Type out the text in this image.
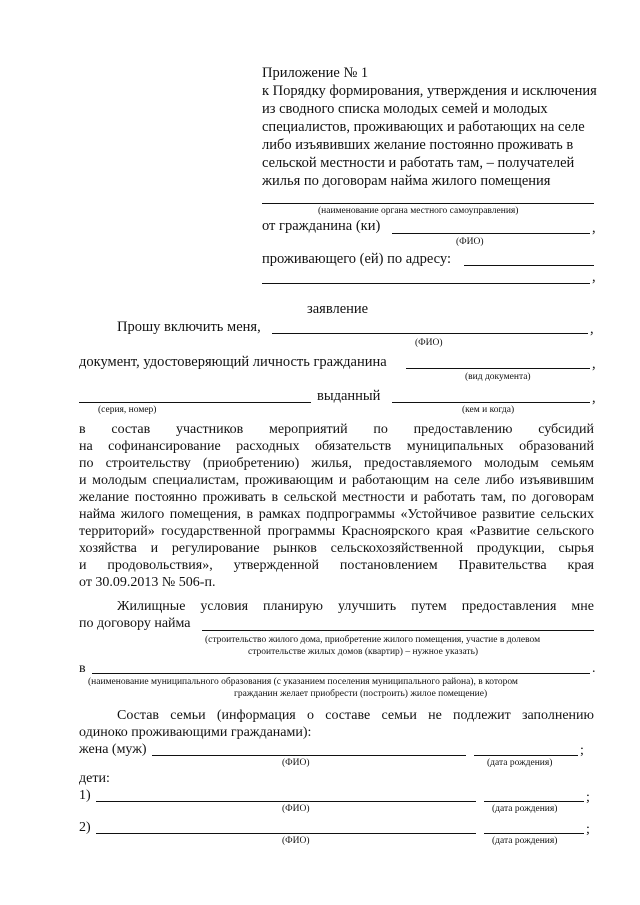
Приложение № 1
к Порядку формирования, утверждения и исключения
из сводного списка молодых семей и молодых
специалистов, проживающих и работающих на селе
либо изъявивших желание постоянно проживать в
сельской местности и работать там, – получателей
жилья по договорам найма жилого помещения
(наименование органа местного самоуправления)
от гражданина (ки)	,
(ФИО)
проживающего (ей) по адресу:
,
заявление
Прошу включить меня,	,
(ФИО)
документ, удостоверяющий личность гражданина	,
(вид документа)
выданный	,
(серия, номер)	(кем и когда)
в состав участников мероприятий по предоставлению субсидий
на софинансирование расходных обязательств муниципальных образований
по строительству (приобретению) жилья, предоставляемого молодым семьям
и молодым специалистам, проживающим и работающим на селе либо изъявившим
желание постоянно проживать в сельской местности и работать там, по договорам
найма жилого помещения, в рамках подпрограммы «Устойчивое развитие сельских
территорий» государственной программы Красноярского края «Развитие сельского
хозяйства и регулирование рынков сельскохозяйственной продукции, сырья
и продовольствия», утвержденной постановлением Правительства края
от 30.09.2013 № 506-п.
Жилищные условия планирую улучшить путем предоставления мне
по договору найма
(строительство жилого дома, приобретение жилого помещения, участие в долевом
строительстве жилых домов (квартир) – нужное указать)
в	.
(наименование муниципального образования (с указанием поселения муниципального района), в котором
гражданин желает приобрести (построить) жилое помещение)
Состав семьи (информация о составе семьи не подлежит заполнению
одиноко проживающими гражданами):
жена (муж)	;
(ФИО)	(дата рождения)
дети:
1)	;
(ФИО)	(дата рождения)
2)	;
(ФИО)	(дата рождения)
